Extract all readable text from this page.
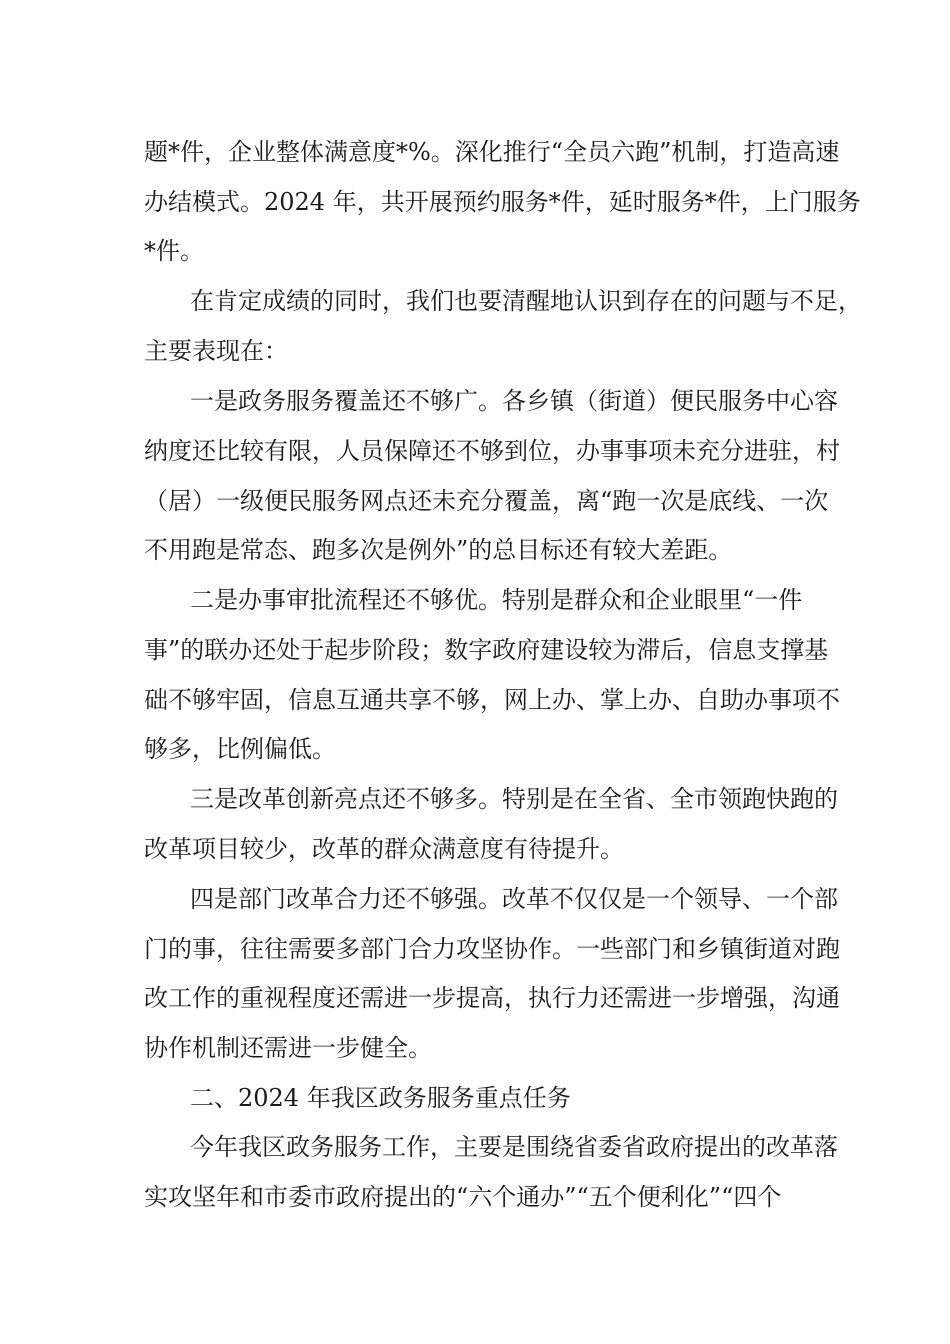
题*件，企业整体满意度*%。深化推行“全员六跑”机制，打造高速
办结模式。2024 年，共开展预约服务*件，延时服务*件，上门服务
*件。
在肯定成绩的同时，我们也要清醒地认识到存在的问题与不足，
主要表现在：
一是政务服务覆盖还不够广。各乡镇（街道）便民服务中心容
纳度还比较有限，人员保障还不够到位，办事事项未充分进驻，村
（居）一级便民服务网点还未充分覆盖，离“跑一次是底线、一次
不用跑是常态、跑多次是例外”的总目标还有较大差距。
二是办事审批流程还不够优。特别是群众和企业眼里“一件
事”的联办还处于起步阶段；数字政府建设较为滞后，信息支撑基
础不够牢固，信息互通共享不够，网上办、掌上办、自助办事项不
够多，比例偏低。
三是改革创新亮点还不够多。特别是在全省、全市领跑快跑的
改革项目较少，改革的群众满意度有待提升。
四是部门改革合力还不够强。改革不仅仅是一个领导、一个部
门的事，往往需要多部门合力攻坚协作。一些部门和乡镇街道对跑
改工作的重视程度还需进一步提高，执行力还需进一步增强，沟通
协作机制还需进一步健全。
二、2024 年我区政务服务重点任务
今年我区政务服务工作，主要是围绕省委省政府提出的改革落
实攻坚年和市委市政府提出的“六个通办”“五个便利化”“四个
